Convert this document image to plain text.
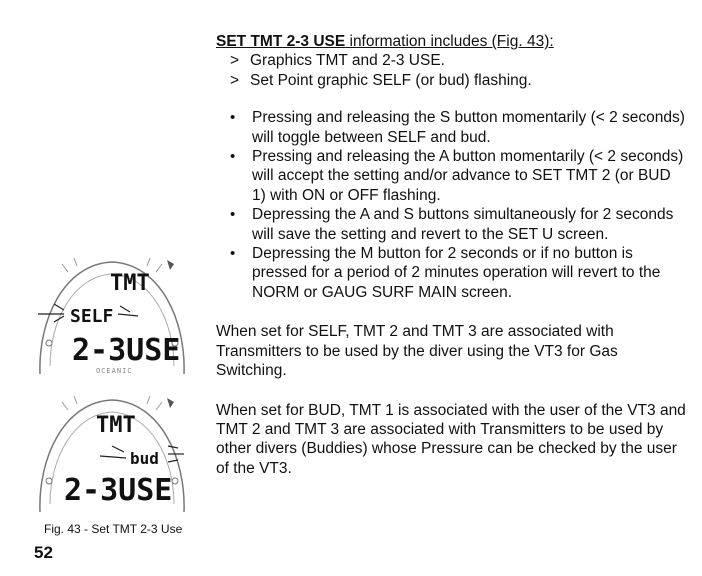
SET TMT 2-3 USE information includes (Fig. 43):
> Graphics TMT and 2-3 USE.
> Set Point graphic SELF (or bud) flashing.
• Pressing and releasing the S button momentarily (< 2 seconds) will toggle between SELF and bud.
• Pressing and releasing the A button momentarily (< 2 seconds) will accept the setting and/or advance to SET TMT 2 (or BUD 1) with ON or OFF flashing.
• Depressing the A and S buttons simultaneously for 2 seconds will save the setting and revert to the SET U screen.
• Depressing the M button for 2 seconds or if no button is pressed for a period of 2 minutes operation will revert to the NORM or GAUG SURF MAIN screen.

When set for SELF, TMT 2 and TMT 3 are associated with Transmitters to be used by the diver using the VT3 for Gas Switching.

When set for BUD, TMT 1 is associated with the user of the VT3 and TMT 2 and TMT 3 are associated with Transmitters to be used by other divers (Buddies) whose Pressure can be checked by the user of the VT3.

TMT
SELF
2-3USE
OCEANIC
TMT
bud
2-3USE
Fig. 43 - Set TMT 2-3 Use
52
